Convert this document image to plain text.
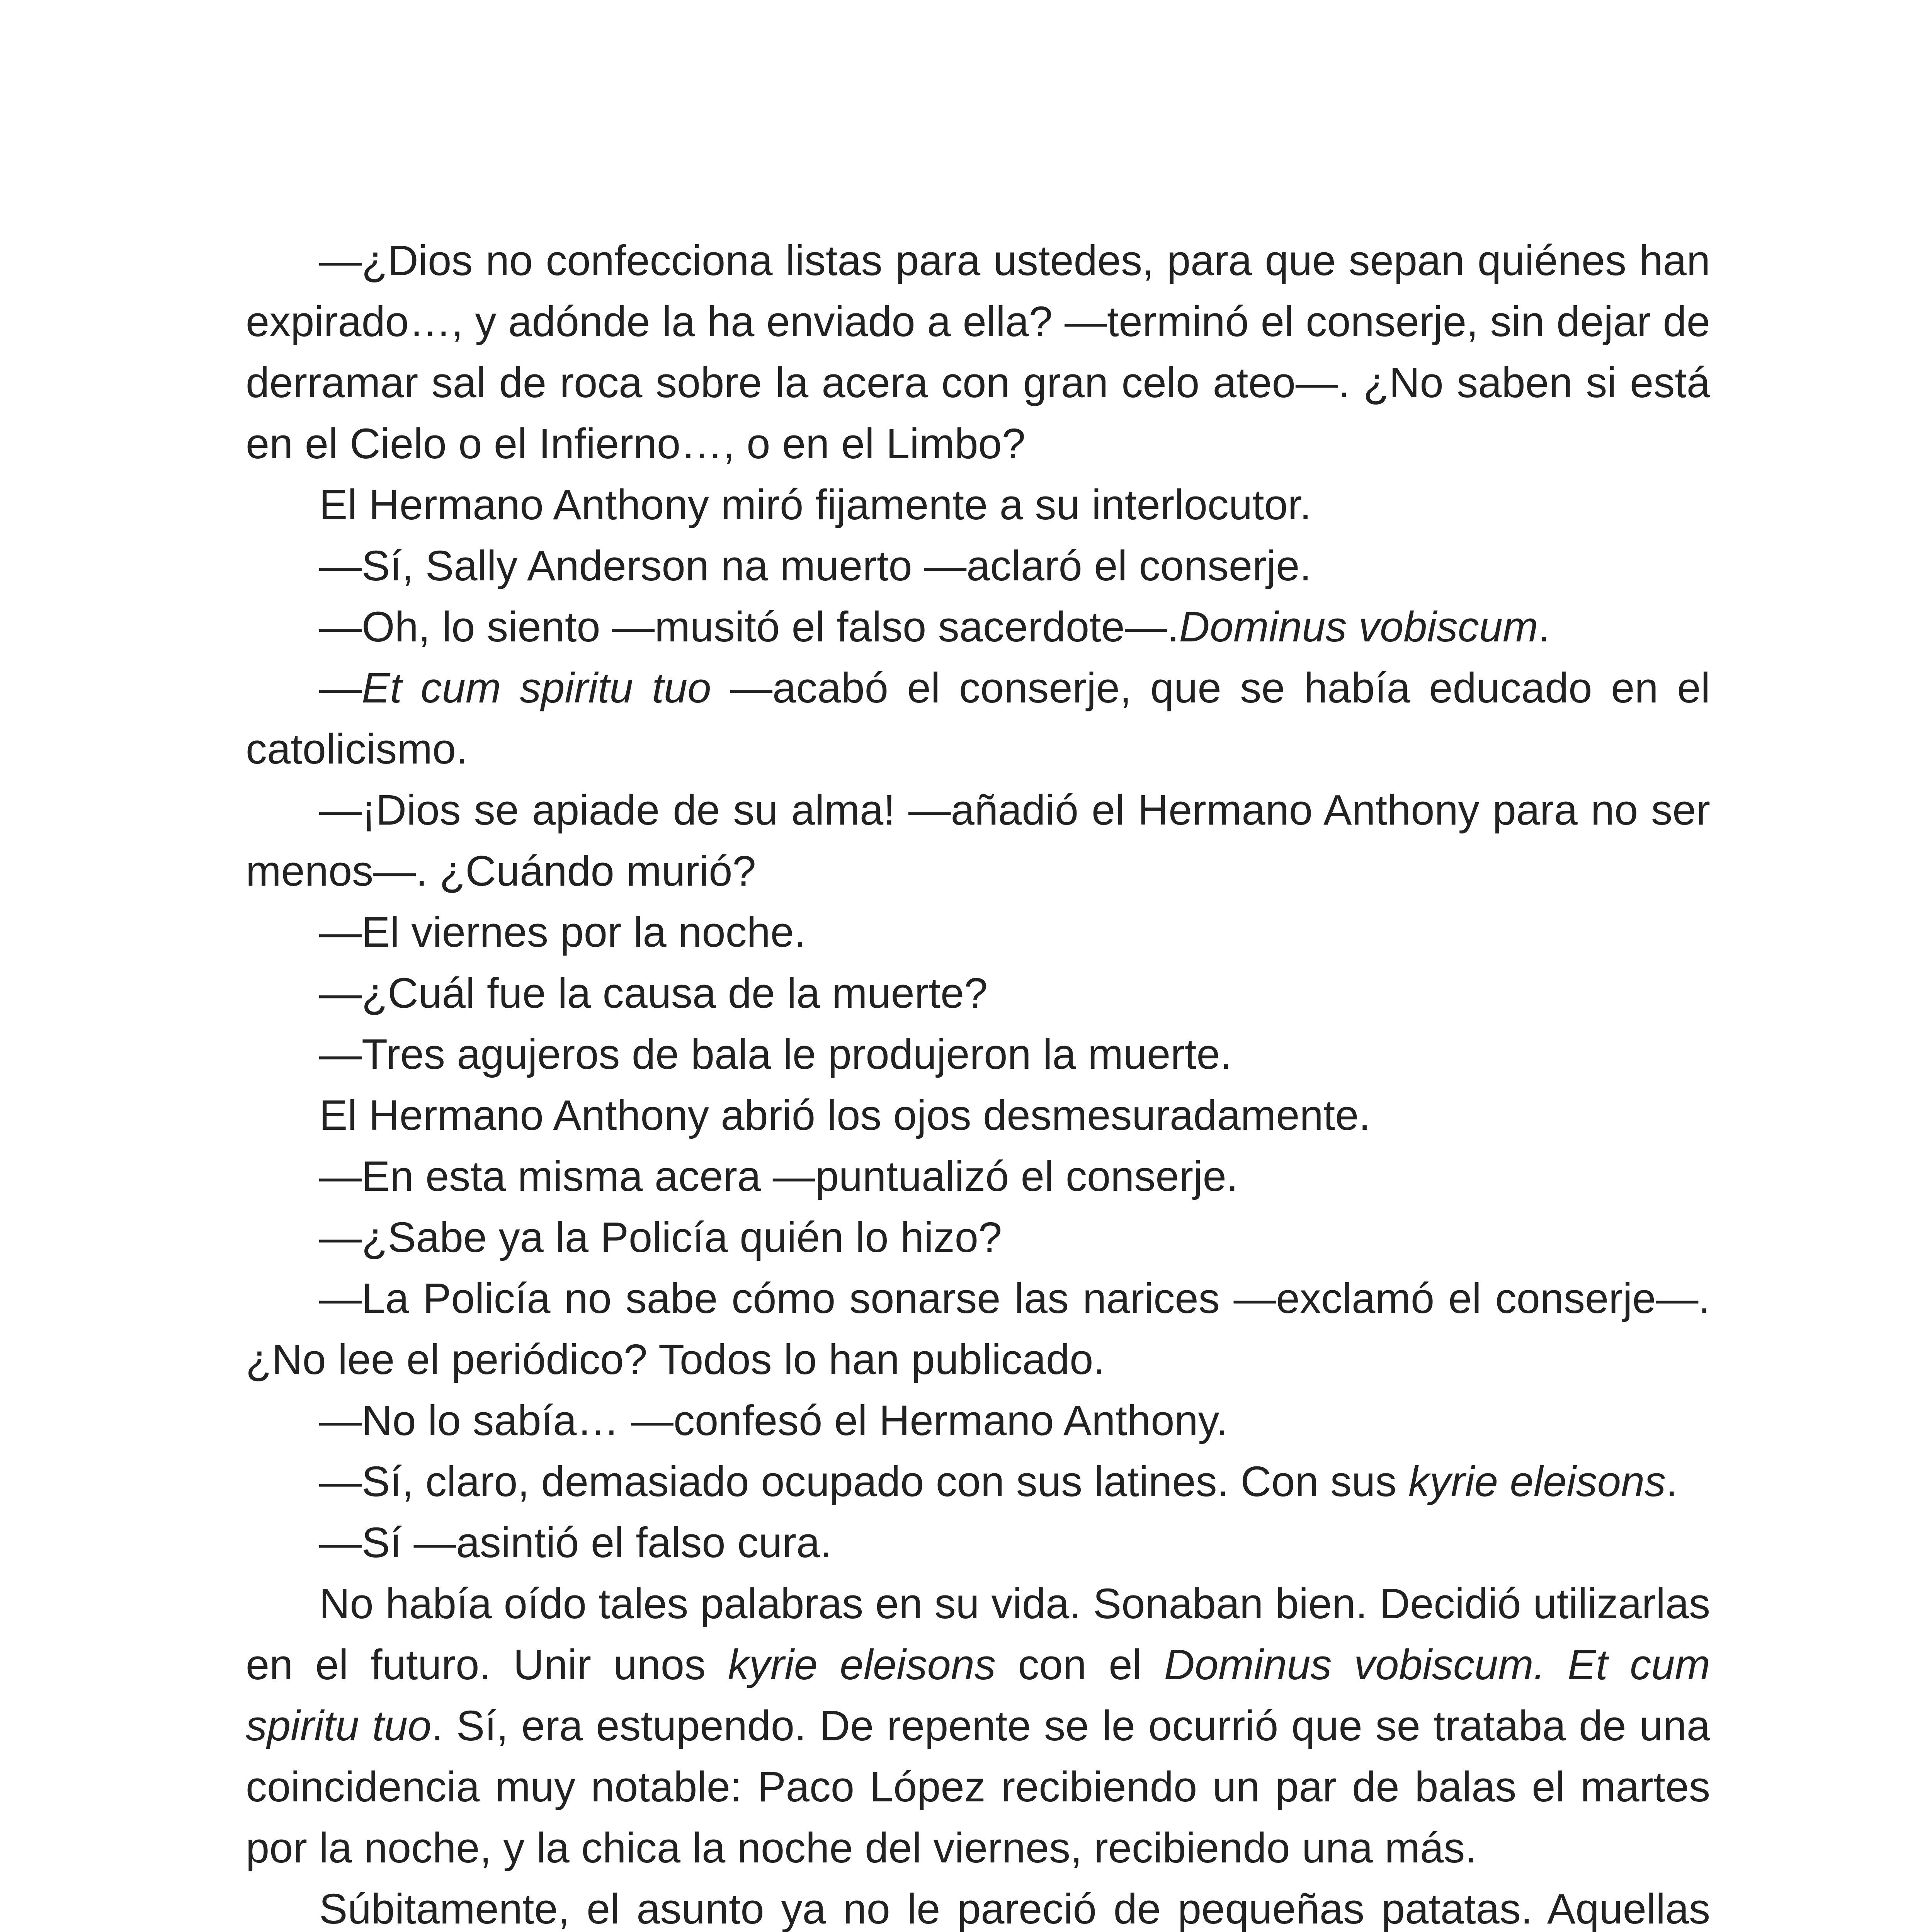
—¿Dios no confecciona listas para ustedes, para que sepan quiénes han expirado…, y adónde la ha enviado a ella? —terminó el conserje, sin dejar de derramar sal de roca sobre la acera con gran celo ateo—. ¿No saben si está en el Cielo o el Infierno…, o en el Limbo?

El Hermano Anthony miró fijamente a su interlocutor.

—Sí, Sally Anderson na muerto —aclaró el conserje.

—Oh, lo siento —musitó el falso sacerdote—.Dominus vobiscum.

—Et cum spiritu tuo —acabó el conserje, que se había educado en el catolicismo.

—¡Dios se apiade de su alma! —añadió el Hermano Anthony para no ser menos—. ¿Cuándo murió?

—El viernes por la noche.

—¿Cuál fue la causa de la muerte?

—Tres agujeros de bala le produjeron la muerte.

El Hermano Anthony abrió los ojos desmesuradamente.

—En esta misma acera —puntualizó el conserje.

—¿Sabe ya la Policía quién lo hizo?

—La Policía no sabe cómo sonarse las narices —exclamó el conserje—. ¿No lee el periódico? Todos lo han publicado.

—No lo sabía… —confesó el Hermano Anthony.

—Sí, claro, demasiado ocupado con sus latines. Con sus kyrie eleisons.

—Sí —asintió el falso cura.

No había oído tales palabras en su vida. Sonaban bien. Decidió utilizarlas en el futuro. Unir unos kyrie eleisons con el Dominus vobiscum. Et cum spiritu tuo. Sí, era estupendo. De repente se le ocurrió que se trataba de una coincidencia muy notable: Paco López recibiendo un par de balas el martes por la noche, y la chica la noche del viernes, recibiendo una más.

Súbitamente, el asunto ya no le pareció de pequeñas patatas. Aquellas
